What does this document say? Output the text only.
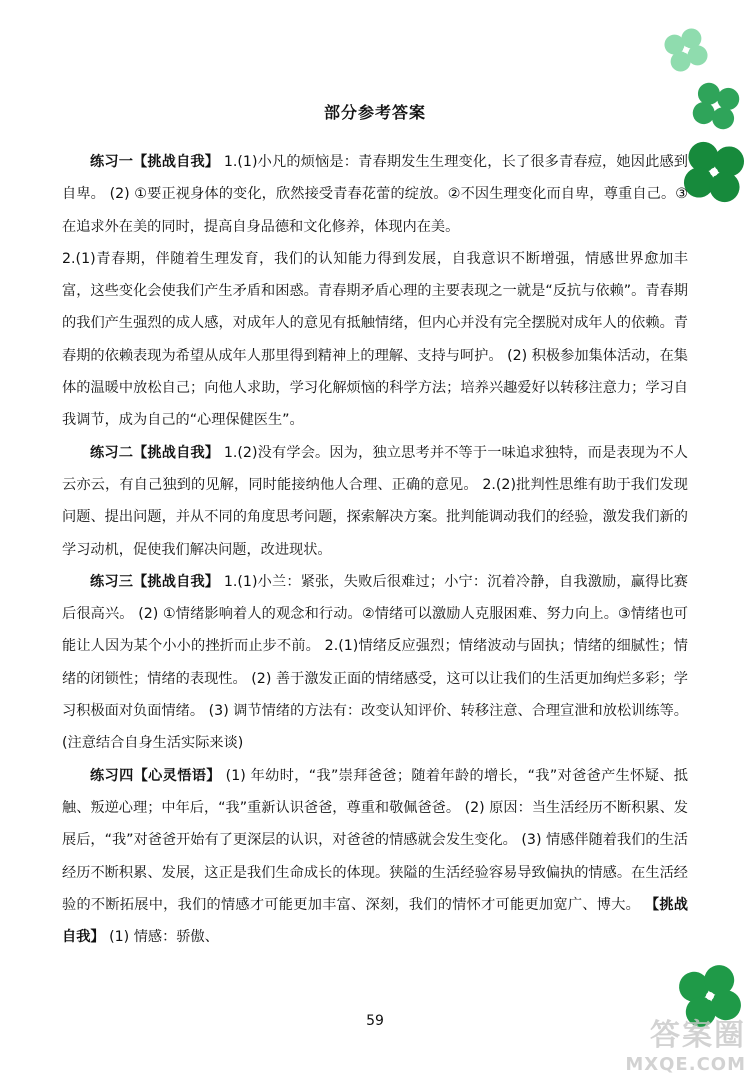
部分参考答案

练习一【挑战自我】 1.(1)小凡的烦恼是：青春期发生生理变化，长了很多青春痘，她因此感到自卑。 (2) ①要正视身体的变化，欣然接受青春花蕾的绽放。②不因生理变化而自卑，尊重自己。③在追求外在美的同时，提高自身品德和文化修养，体现内在美。

2.(1)青春期，伴随着生理发育，我们的认知能力得到发展，自我意识不断增强，情感世界愈加丰富，这些变化会使我们产生矛盾和困惑。青春期矛盾心理的主要表现之一就是“反抗与依赖”。青春期的我们产生强烈的成人感，对成年人的意见有抵触情绪，但内心并没有完全摆脱对成年人的依赖。青春期的依赖表现为希望从成年人那里得到精神上的理解、支持与呵护。 (2) 积极参加集体活动，在集体的温暖中放松自己；向他人求助，学习化解烦恼的科学方法；培养兴趣爱好以转移注意力；学习自我调节，成为自己的“心理保健医生”。

练习二【挑战自我】 1.(2)没有学会。因为，独立思考并不等于一味追求独特，而是表现为不人云亦云，有自己独到的见解，同时能接纳他人合理、正确的意见。 2.(2)批判性思维有助于我们发现问题、提出问题，并从不同的角度思考问题，探索解决方案。批判能调动我们的经验，激发我们新的学习动机，促使我们解决问题，改进现状。

练习三【挑战自我】 1.(1)小兰：紧张，失败后很难过；小宁：沉着冷静，自我激励，赢得比赛后很高兴。 (2) ①情绪影响着人的观念和行动。②情绪可以激励人克服困难、努力向上。③情绪也可能让人因为某个小小的挫折而止步不前。 2.(1)情绪反应强烈；情绪波动与固执；情绪的细腻性；情绪的闭锁性；情绪的表现性。 (2) 善于激发正面的情绪感受，这可以让我们的生活更加绚烂多彩；学习积极面对负面情绪。 (3) 调节情绪的方法有：改变认知评价、转移注意、合理宣泄和放松训练等。(注意结合自身生活实际来谈)

练习四【心灵悟语】 (1) 年幼时，“我”崇拜爸爸；随着年龄的增长，“我”对爸爸产生怀疑、抵触、叛逆心理；中年后，“我”重新认识爸爸，尊重和敬佩爸爸。 (2) 原因：当生活经历不断积累、发展后，“我”对爸爸开始有了更深层的认识，对爸爸的情感就会发生变化。 (3) 情感伴随着我们的生活经历不断积累、发展，这正是我们生命成长的体现。狭隘的生活经验容易导致偏执的情感。在生活经验的不断拓展中，我们的情感才可能更加丰富、深刻，我们的情怀才可能更加宽广、博大。 【挑战自我】 (1) 情感：骄傲、

59	答案圈
MXQE.COM
